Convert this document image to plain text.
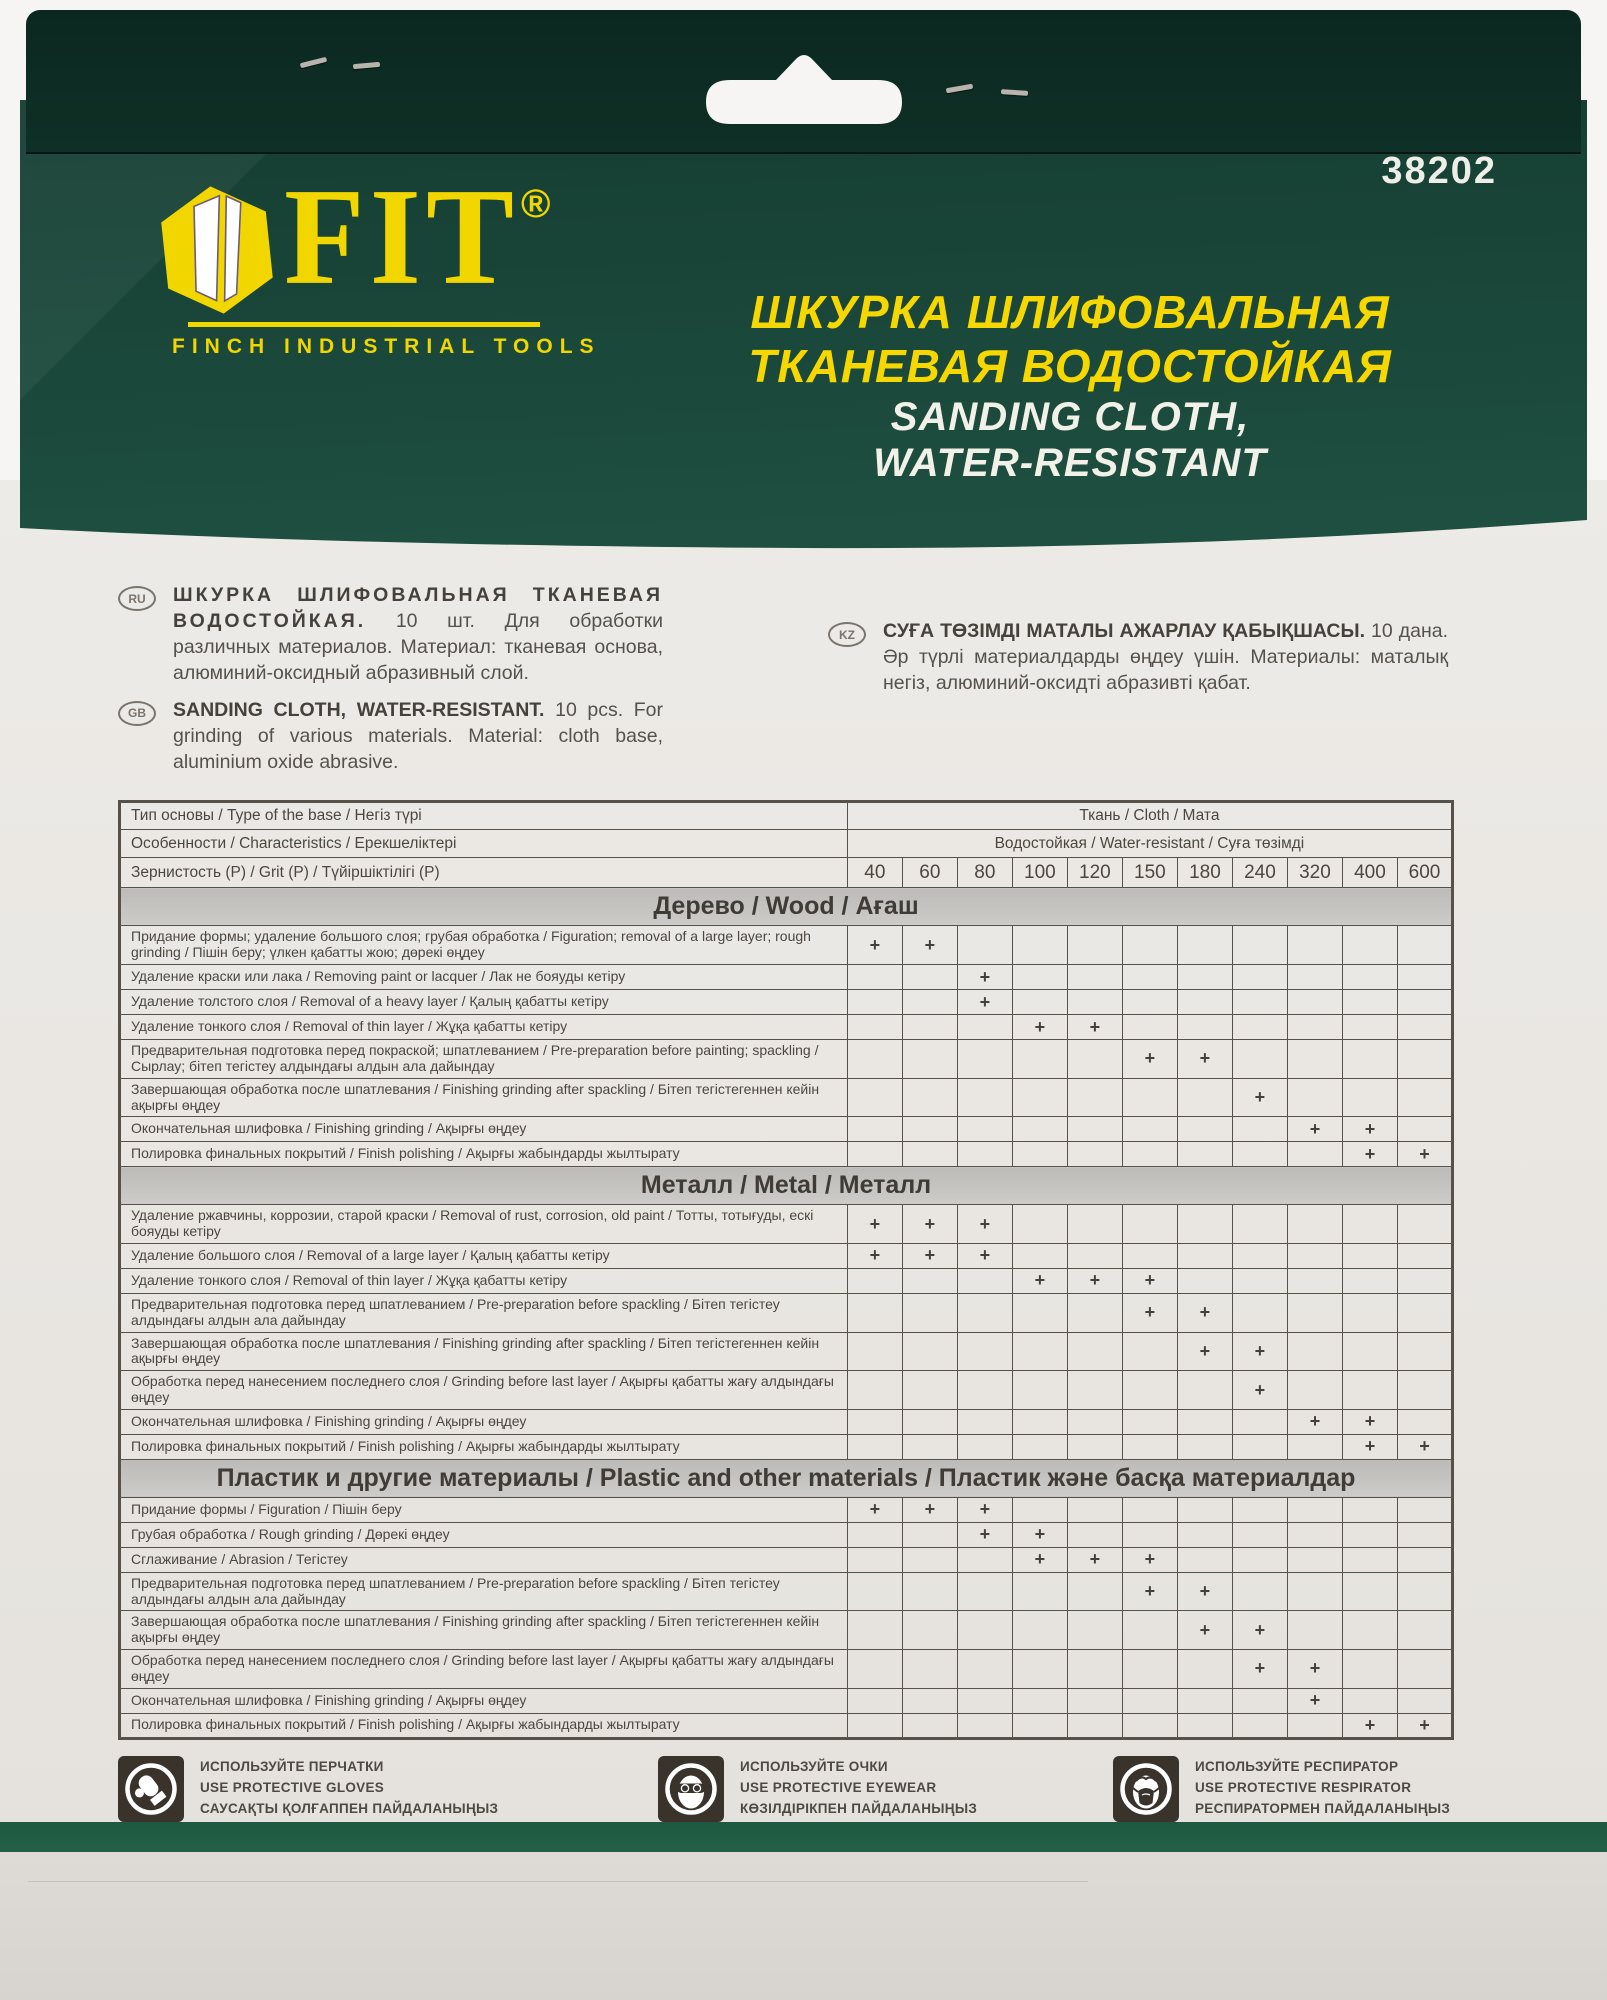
38202
FIT ®
FINCH INDUSTRIAL TOOLS
ШКУРКА ШЛИФОВАЛЬНАЯ
ТКАНЕВАЯ ВОДОСТОЙКАЯ
SANDING CLOTH,
WATER-RESISTANT
RU	ШКУРКА ШЛИФОВАЛЬНАЯ ТКАНЕВАЯ ВОДОСТОЙКАЯ. 10 шт. Для обработки различных материалов. Материал: тканевая основа, алюминий-оксидный абразивный слой.
GB	SANDING CLOTH, WATER-RESISTANT. 10 pcs. For grinding of various materials. Material: cloth base, aluminium oxide abrasive.
KZ	СУҒА ТӨЗІМДІ МАТАЛЫ АЖАРЛАУ ҚАБЫҚШАСЫ. 10 дана. Әр түрлі материалдарды өңдеу үшін. Материалы: маталық негіз, алюминий-оксидті абразивті қабат.
Тип основы / Type of the base / Негіз түрі	Ткань / Cloth / Мата										
Особенности / Characteristics / Ерекшеліктері	Водостойкая / Water-resistant / Суға төзімді										
Зернистость (P) / Grit (P) / Түйіршіктілігі (P)	40	60	80	100	120	150	180	240	320	400	600
Дерево / Wood / Ағаш											
Придание формы; удаление большого слоя; грубая обработка / Figuration; removal of a large layer; rough grinding / Пішін беру; үлкен қабатты жою; дөрекі өңдеу	+	+									
Удаление краски или лака / Removing paint or lacquer / Лак не бояуды кетіру			+								
Удаление толстого слоя / Removal of a heavy layer / Қалың қабатты кетіру			+								
Удаление тонкого слоя / Removal of thin layer / Жұқа қабатты кетіру				+	+						
Предварительная подготовка перед покраской; шпатлеванием / Pre-preparation before painting; spackling / Сырлау; бітеп тегістеу алдындағы алдын ала дайындау						+	+				
Завершающая обработка после шпатлевания / Finishing grinding after spackling / Бітеп тегістегеннен кейін ақырғы өңдеу								+			
Окончательная шлифовка / Finishing grinding / Ақырғы өңдеу									+	+	
Полировка финальных покрытий / Finish polishing / Ақырғы жабындарды жылтырату										+	+
Металл / Metal / Металл											
Удаление ржавчины, коррозии, старой краски / Removal of rust, corrosion, old paint / Тотты, тотығуды, ескі бояуды кетіру	+	+	+								
Удаление большого слоя / Removal of a large layer / Қалың қабатты кетіру	+	+	+								
Удаление тонкого слоя / Removal of thin layer / Жұқа қабатты кетіру				+	+	+					
Предварительная подготовка перед шпатлеванием / Pre-preparation before spackling / Бітеп тегістеу алдындағы алдын ала дайындау						+	+				
Завершающая обработка после шпатлевания / Finishing grinding after spackling / Бітеп тегістегеннен кейін ақырғы өңдеу							+	+			
Обработка перед нанесением последнего слоя / Grinding before last layer / Ақырғы қабатты жағу алдындағы өңдеу								+			
Окончательная шлифовка / Finishing grinding / Ақырғы өңдеу									+	+	
Полировка финальных покрытий / Finish polishing / Ақырғы жабындарды жылтырату										+	+
Пластик и другие материалы / Plastic and other materials / Пластик және басқа материалдар											
Придание формы / Figuration / Пішін беру	+	+	+								
Грубая обработка / Rough grinding / Дөрекі өңдеу			+	+							
Сглаживание / Abrasion / Тегістеу				+	+	+					
Предварительная подготовка перед шпатлеванием / Pre-preparation before spackling / Бітеп тегістеу алдындағы алдын ала дайындау						+	+				
Завершающая обработка после шпатлевания / Finishing grinding after spackling / Бітеп тегістегеннен кейін ақырғы өңдеу							+	+			
Обработка перед нанесением последнего слоя / Grinding before last layer / Ақырғы қабатты жағу алдындағы өңдеу								+	+		
Окончательная шлифовка / Finishing grinding / Ақырғы өңдеу									+		
Полировка финальных покрытий / Finish polishing / Ақырғы жабындарды жылтырату										+	+
ИСПОЛЬЗУЙТЕ ПЕРЧАТКИ
USE PROTECTIVE GLOVES
САУСАҚТЫ ҚОЛҒАППЕН ПАЙДАЛАНЫҢЫЗ
ИСПОЛЬЗУЙТЕ ОЧКИ
USE PROTECTIVE EYEWEAR
КӨЗІЛДІРІКПЕН ПАЙДАЛАНЫҢЫЗ
ИСПОЛЬЗУЙТЕ РЕСПИРАТОР
USE PROTECTIVE RESPIRATOR
РЕСПИРАТОРМЕН ПАЙДАЛАНЫҢЫЗ
